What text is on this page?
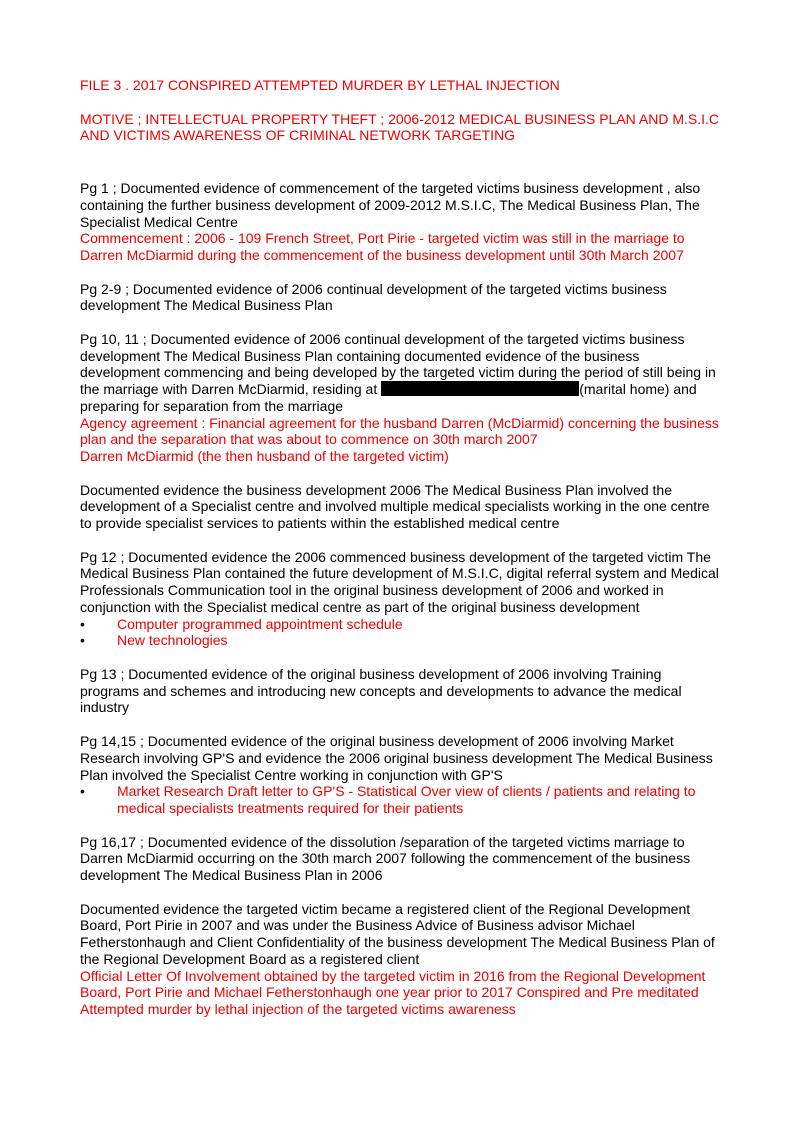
FILE 3 . 2017 CONSPIRED ATTEMPTED MURDER BY LETHAL INJECTION

MOTIVE ; INTELLECTUAL PROPERTY THEFT ; 2006-2012 MEDICAL BUSINESS PLAN AND M.S.I.C AND VICTIMS AWARENESS OF CRIMINAL NETWORK TARGETING

Pg 1 ; Documented evidence of commencement of the targeted victims business development , also containing the further business development of 2009-2012 M.S.I.C, The Medical Business Plan, The Specialist Medical Centre

Commencement : 2006 - 109 French Street, Port Pirie - targeted victim was still in the marriage to Darren McDiarmid during the commencement of the business development until 30th March 2007

Pg 2-9 ; Documented evidence of 2006 continual development of the targeted victims business development The Medical Business Plan

Pg 10, 11 ; Documented evidence of 2006 continual development of the targeted victims business development The Medical Business Plan containing documented evidence of the business development commencing and being developed by the targeted victim during the period of still being in the marriage with Darren McDiarmid, residing at	(marital home) and preparing for separation from the marriage

Agency agreement : Financial agreement for the husband Darren (McDiarmid) concerning the business plan and the separation that was about to commence on 30th march 2007

Darren McDiarmid (the then husband of the targeted victim)

Documented evidence the business development 2006 The Medical Business Plan involved the development of a Specialist centre and involved multiple medical specialists working in the one centre to provide specialist services to patients within the established medical centre

Pg 12 ; Documented evidence the 2006 commenced business development of the targeted victim The Medical Business Plan contained the future development of M.S.I.C, digital referral system and Medical Professionals Communication tool in the original business development of 2006 and worked in conjunction with the Specialist medical centre as part of the original business development

• Computer programmed appointment schedule
• New technologies

Pg 13 ; Documented evidence of the original business development of 2006 involving Training programs and schemes and introducing new concepts and developments to advance the medical industry

Pg 14,15 ; Documented evidence of the original business development of 2006 involving Market Research involving GP'S and evidence the 2006 original business development The Medical Business Plan involved the Specialist Centre working in conjunction with GP'S

• Market Research Draft letter to GP'S - Statistical Over view of clients / patients and relating to medical specialists treatments required for their patients

Pg 16,17 ; Documented evidence of the dissolution /separation of the targeted victims marriage to Darren McDiarmid occurring on the 30th march 2007 following the commencement of the business development The Medical Business Plan in 2006

Documented evidence the targeted victim became a registered client of the Regional Development Board, Port Pirie in 2007 and was under the Business Advice of Business advisor Michael Fetherstonhaugh and Client Confidentiality of the business development The Medical Business Plan of the Regional Development Board as a registered client

Official Letter Of Involvement obtained by the targeted victim in 2016 from the Regional Development Board, Port Pirie and Michael Fetherstonhaugh one year prior to 2017 Conspired and Pre meditated Attempted murder by lethal injection of the targeted victims awareness
